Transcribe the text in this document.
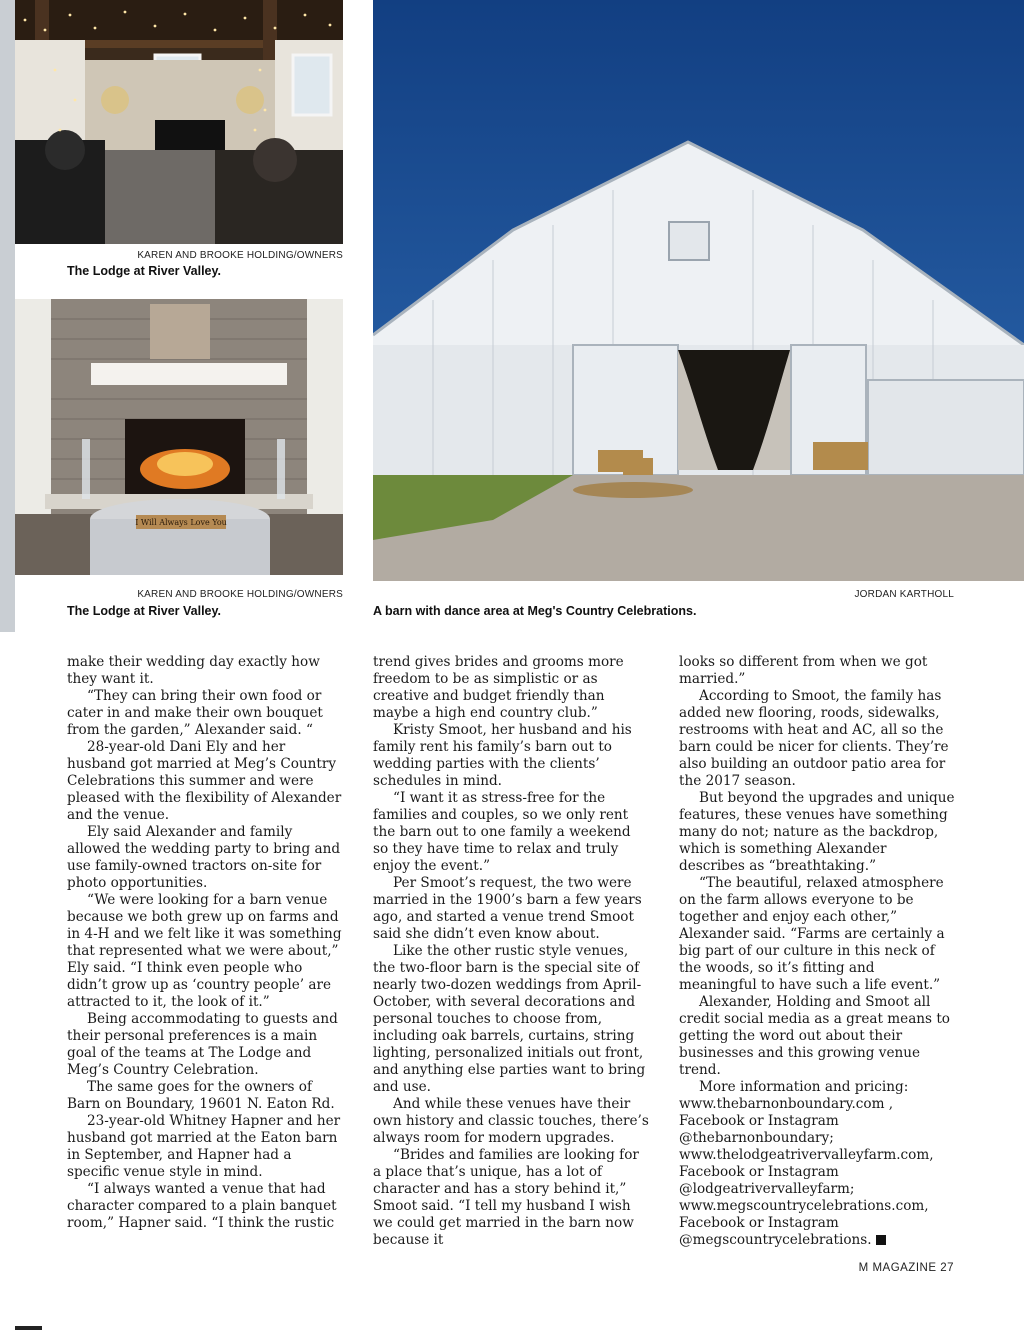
KAREN AND BROOKE HOLDING/OWNERS
The Lodge at River Valley.
I Will Always Love You
KAREN AND BROOKE HOLDING/OWNERS
The Lodge at River Valley.
JORDAN KARTHOLL
A barn with dance area at Meg's Country Celebrations.

make their wedding day exactly how they want it.

“They can bring their own food or cater in and make their own bouquet from the garden,” Alexander said. “

28-year-old Dani Ely and her husband got married at Meg’s Country Celebrations this summer and were pleased with the flexibility of Alexander and the venue.

Ely said Alexander and family allowed the wedding party to bring and use family-owned tractors on-site for photo opportunities.

“We were looking for a barn venue because we both grew up on farms and in 4-H and we felt like it was something that represented what we were about,” Ely said. “I think even people who didn’t grow up as ‘country people’ are attracted to it, the look of it.”

Being accommodating to guests and their personal preferences is a main goal of the teams at The Lodge and Meg’s Country Celebration.

The same goes for the owners of Barn on Boundary, 19601 N. Eaton Rd.

23-year-old Whitney Hapner and her husband got married at the Eaton barn in September, and Hapner had a specific venue style in mind.

“I always wanted a venue that had character compared to a plain banquet room,” Hapner said. “I think the rustic

trend gives brides and grooms more freedom to be as simplistic or as creative and budget friendly than maybe a high end country club.”

Kristy Smoot, her husband and his family rent his family’s barn out to wedding parties with the clients’ schedules in mind.

“I want it as stress-free for the families and couples, so we only rent the barn out to one family a weekend so they have time to relax and truly enjoy the event.”

Per Smoot’s request, the two were married in the 1900’s barn a few years ago, and started a venue trend Smoot said she didn’t even know about.

Like the other rustic style venues, the two-floor barn is the special site of nearly two-dozen weddings from April-October, with several decorations and personal touches to choose from, including oak barrels, curtains, string lighting, personalized initials out front, and anything else parties want to bring and use.

And while these venues have their own history and classic touches, there’s always room for modern upgrades.

“Brides and families are looking for a place that’s unique, has a lot of character and has a story behind it,” Smoot said. “I tell my husband I wish we could get married in the barn now because it

looks so different from when we got married.”

According to Smoot, the family has added new flooring, roods, sidewalks, restrooms with heat and AC, all so the barn could be nicer for clients. They’re also building an outdoor patio area for the 2017 season.

But beyond the upgrades and unique features, these venues have something many do not; nature as the backdrop, which is something Alexander describes as “breathtaking.”

“The beautiful, relaxed atmosphere on the farm allows everyone to be together and enjoy each other,” Alexander said. “Farms are certainly a big part of our culture in this neck of the woods, so it’s fitting and meaningful to have such a life event.”

Alexander, Holding and Smoot all credit social media as a great means to getting the word out about their businesses and this growing venue trend.

More information and pricing: www.thebarnonboundary.com , Facebook or Instagram @thebarnonboundary; www.thelodgeatrivervalleyfarm.com, Facebook or Instagram @lodgeatrivervalleyfarm; www.megscountrycelebrations.com, Facebook or Instagram @megscountrycelebrations.

M MAGAZINE 27
